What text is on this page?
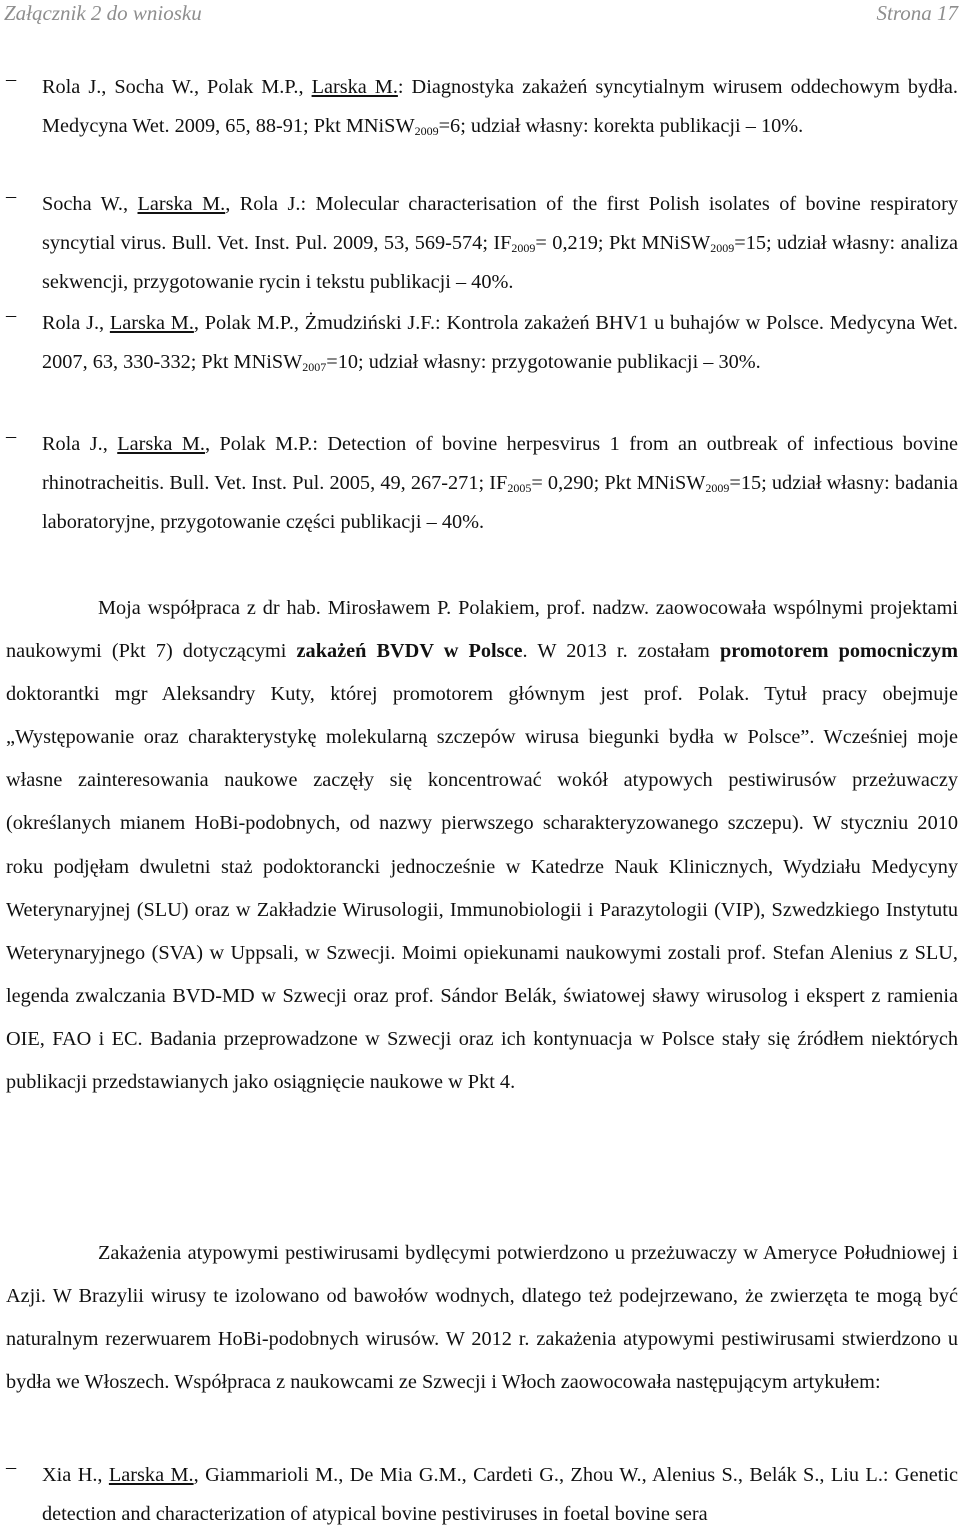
Załącznik 2 do wniosku	Strona 17
–	Rola J., Socha W., Polak M.P., Larska M.: Diagnostyka zakażeń syncytialnym wirusem oddechowym bydła. Medycyna Wet. 2009, 65, 88-91; Pkt MNiSW$_{2009}$=6; udział własny: korekta publikacji – 10%.
–	Socha W., Larska M., Rola J.: Molecular characterisation of the first Polish isolates of bovine respiratory syncytial virus. Bull. Vet. Inst. Pul. 2009, 53, 569-574; $IF_{2009}= 0,219$; Pkt MNiSW$_{2009}$=15; udział własny: analiza sekwencji, przygotowanie rycin i tekstu publikacji – 40%.
–	Rola J., Larska M., Polak M.P., Żmudziński J.F.: Kontrola zakażeń BHV1 u buhajów w Polsce. Medycyna Wet. 2007, 63, 330-332; Pkt MNiSW$_{2007}$=10; udział własny: przygotowanie publikacji – 30%.
–	Rola J., Larska M., Polak M.P.: Detection of bovine herpesvirus 1 from an outbreak of infectious bovine rhinotracheitis. Bull. Vet. Inst. Pul. 2005, 49, 267-271; $IF_{2005}= 0,290$; Pkt MNiSW$_{2009}$=15; udział własny: badania laboratoryjne, przygotowanie części publikacji – 40%.
Moja współpraca z dr hab. Mirosławem P. Polakiem, prof. nadzw. zaowocowała wspólnymi projektami naukowymi (Pkt 7) dotyczącymi zakażeń BVDV w Polsce. W 2013 r. zostałam promotorem pomocniczym doktorantki mgr Aleksandry Kuty, której promotorem głównym jest prof. Polak. Tytuł pracy obejmuje „Występowanie oraz charakterystykę molekularną szczepów wirusa biegunki bydła w Polsce”. Wcześniej moje własne zainteresowania naukowe zaczęły się koncentrować wokół atypowych pestiwirusów przeżuwaczy (określanych mianem HoBi-podobnych, od nazwy pierwszego scharakteryzowanego szczepu). W styczniu 2010 roku podjęłam dwuletni staż podoktorancki jednocześnie w Katedrze Nauk Klinicznych, Wydziału Medycyny Weterynaryjnej (SLU) oraz w Zakładzie Wirusologii, Immunobiologii i Parazytologii (VIP), Szwedzkiego Instytutu Weterynaryjnego (SVA) w Uppsali, w Szwecji. Moimi opiekunami naukowymi zostali prof. Stefan Alenius z SLU, legenda zwalczania BVD-MD w Szwecji oraz prof. Sándor Belák, światowej sławy wirusolog i ekspert z ramienia OIE, FAO i EC. Badania przeprowadzone w Szwecji oraz ich kontynuacja w Polsce stały się źródłem niektórych publikacji przedstawianych jako osiągnięcie naukowe w Pkt 4.
Zakażenia atypowymi pestiwirusami bydlęcymi potwierdzono u przeżuwaczy w Ameryce Południowej i Azji. W Brazylii wirusy te izolowano od bawołów wodnych, dlatego też podejrzewano, że zwierzęta te mogą być naturalnym rezerwuarem HoBi-podobnych wirusów. W 2012 r. zakażenia atypowymi pestiwirusami stwierdzono u bydła we Włoszech. Współpraca z naukowcami ze Szwecji i Włoch zaowocowała następującym artykułem:
–	Xia H., Larska M., Giammarioli M., De Mia G.M., Cardeti G., Zhou W., Alenius S., Belák S., Liu L.: Genetic detection and characterization of atypical bovine pestiviruses in foetal bovine sera
